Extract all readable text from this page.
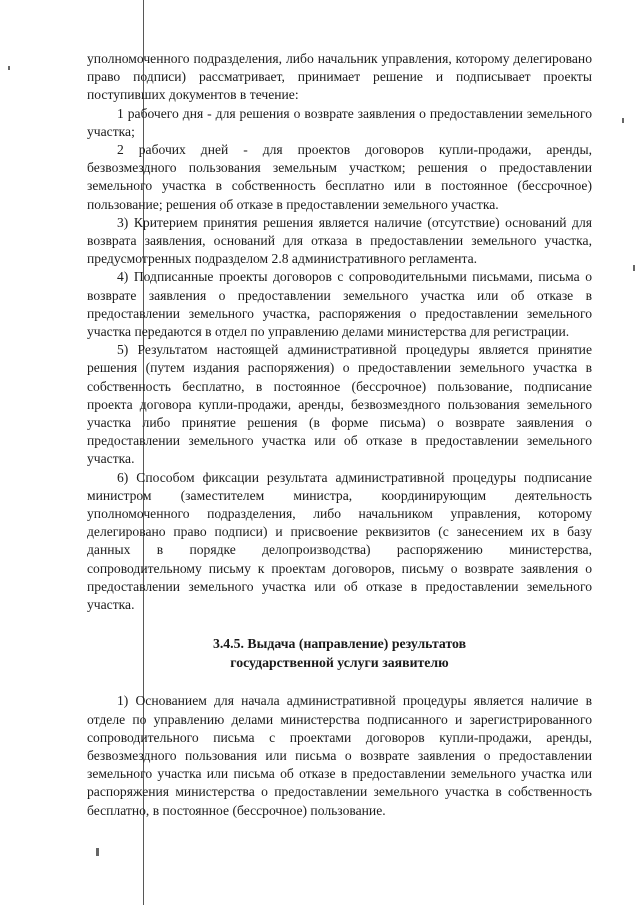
уполномоченного подразделения, либо начальник управления, которому делегировано право подписи) рассматривает, принимает решение и подписывает проекты поступивших документов в течение:

1 рабочего дня - для решения о возврате заявления о предоставлении земельного участка;

2 рабочих дней - для проектов договоров купли-продажи, аренды, безвозмездного пользования земельным участком; решения о предоставлении земельного участка в собственность бесплатно или в постоянное (бессрочное) пользование; решения об отказе в предоставлении земельного участка.

3) Критерием принятия решения является наличие (отсутствие) оснований для возврата заявления, оснований для отказа в предоставлении земельного участка, предусмотренных подразделом 2.8 административного регламента.

4) Подписанные проекты договоров с сопроводительными письмами, письма о возврате заявления о предоставлении земельного участка или об отказе в предоставлении земельного участка, распоряжения о предоставлении земельного участка передаются в отдел по управлению делами министерства для регистрации.

5) Результатом настоящей административной процедуры является принятие решения (путем издания распоряжения) о предоставлении земельного участка в собственность бесплатно, в постоянное (бессрочное) пользование, подписание проекта договора купли-продажи, аренды, безвозмездного пользования земельного участка либо принятие решения (в форме письма) о возврате заявления о предоставлении земельного участка или об отказе в предоставлении земельного участка.

6) Способом фиксации результата административной процедуры подписание министром (заместителем министра, координирующим деятельность уполномоченного подразделения, либо начальником управления, которому делегировано право подписи) и присвоение реквизитов (с занесением их в базу данных в порядке делопроизводства) распоряжению министерства, сопроводительному письму к проектам договоров, письму о возврате заявления о предоставлении земельного участка или об отказе в предоставлении земельного участка.

3.4.5. Выдача (направление) результатов
государственной услуги заявителю

1) Основанием для начала административной процедуры является наличие в отделе по управлению делами министерства подписанного и зарегистрированного сопроводительного письма с проектами договоров купли-продажи, аренды, безвозмездного пользования или письма о возврате заявления о предоставлении земельного участка или письма об отказе в предоставлении земельного участка или распоряжения министерства о предоставлении земельного участка в собственность бесплатно, в постоянное (бессрочное) пользование.
